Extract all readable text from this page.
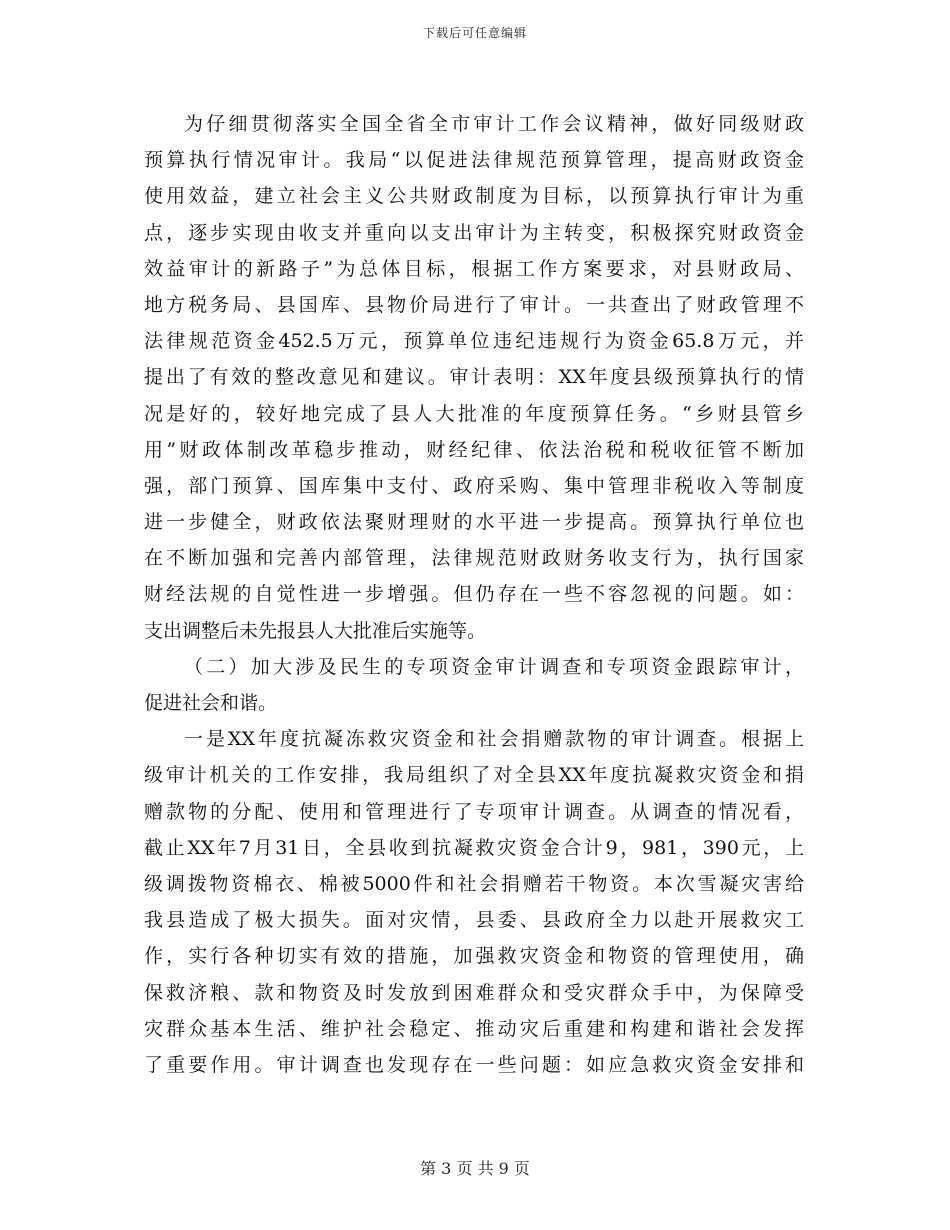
下载后可任意编辑
为仔细贯彻落实全国全省全市审计工作会议精神，做好同级财政
预算执行情况审计。我局“以促进法律规范预算管理，提高财政资金
使用效益，建立社会主义公共财政制度为目标，以预算执行审计为重
点，逐步实现由收支并重向以支出审计为主转变，积极探究财政资金
效益审计的新路子”为总体目标，根据工作方案要求，对县财政局、
地方税务局、县国库、县物价局进行了审计。一共查出了财政管理不
法律规范资金452.5万元，预算单位违纪违规行为资金65.8万元，并
提出了有效的整改意见和建议。审计表明：XX年度县级预算执行的情
况是好的，较好地完成了县人大批准的年度预算任务。“乡财县管乡
用”财政体制改革稳步推动，财经纪律、依法治税和税收征管不断加
强，部门预算、国库集中支付、政府采购、集中管理非税收入等制度
进一步健全，财政依法聚财理财的水平进一步提高。预算执行单位也
在不断加强和完善内部管理，法律规范财政财务收支行为，执行国家
财经法规的自觉性进一步增强。但仍存在一些不容忽视的问题。如：
支出调整后未先报县人大批准后实施等。
（二）加大涉及民生的专项资金审计调查和专项资金跟踪审计，
促进社会和谐。
一是XX年度抗凝冻救灾资金和社会捐赠款物的审计调查。根据上
级审计机关的工作安排，我局组织了对全县XX年度抗凝救灾资金和捐
赠款物的分配、使用和管理进行了专项审计调查。从调查的情况看，
截止XX年7月31日，全县收到抗凝救灾资金合计9，981，390元，上
级调拨物资棉衣、棉被5000件和社会捐赠若干物资。本次雪凝灾害给
我县造成了极大损失。面对灾情，县委、县政府全力以赴开展救灾工
作，实行各种切实有效的措施，加强救灾资金和物资的管理使用，确
保救济粮、款和物资及时发放到困难群众和受灾群众手中，为保障受
灾群众基本生活、维护社会稳定、推动灾后重建和构建和谐社会发挥
了重要作用。审计调查也发现存在一些问题：如应急救灾资金安排和
第 3 页 共 9 页
